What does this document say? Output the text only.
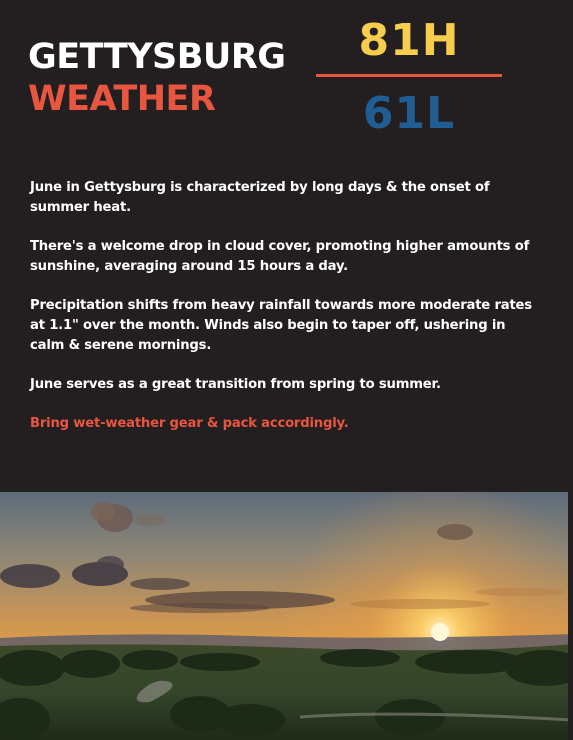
GETTYSBURG
WEATHER
81H
61L

June in Gettysburg is characterized by long days & the onset of summer heat.

There's a welcome drop in cloud cover, promoting higher amounts of sunshine, averaging around 15 hours a day.

Precipitation shifts from heavy rainfall towards more moderate rates at 1.1" over the month. Winds also begin to taper off, ushering in calm & serene mornings.

June serves as a great transition from spring to summer.

Bring wet-weather gear & pack accordingly.
